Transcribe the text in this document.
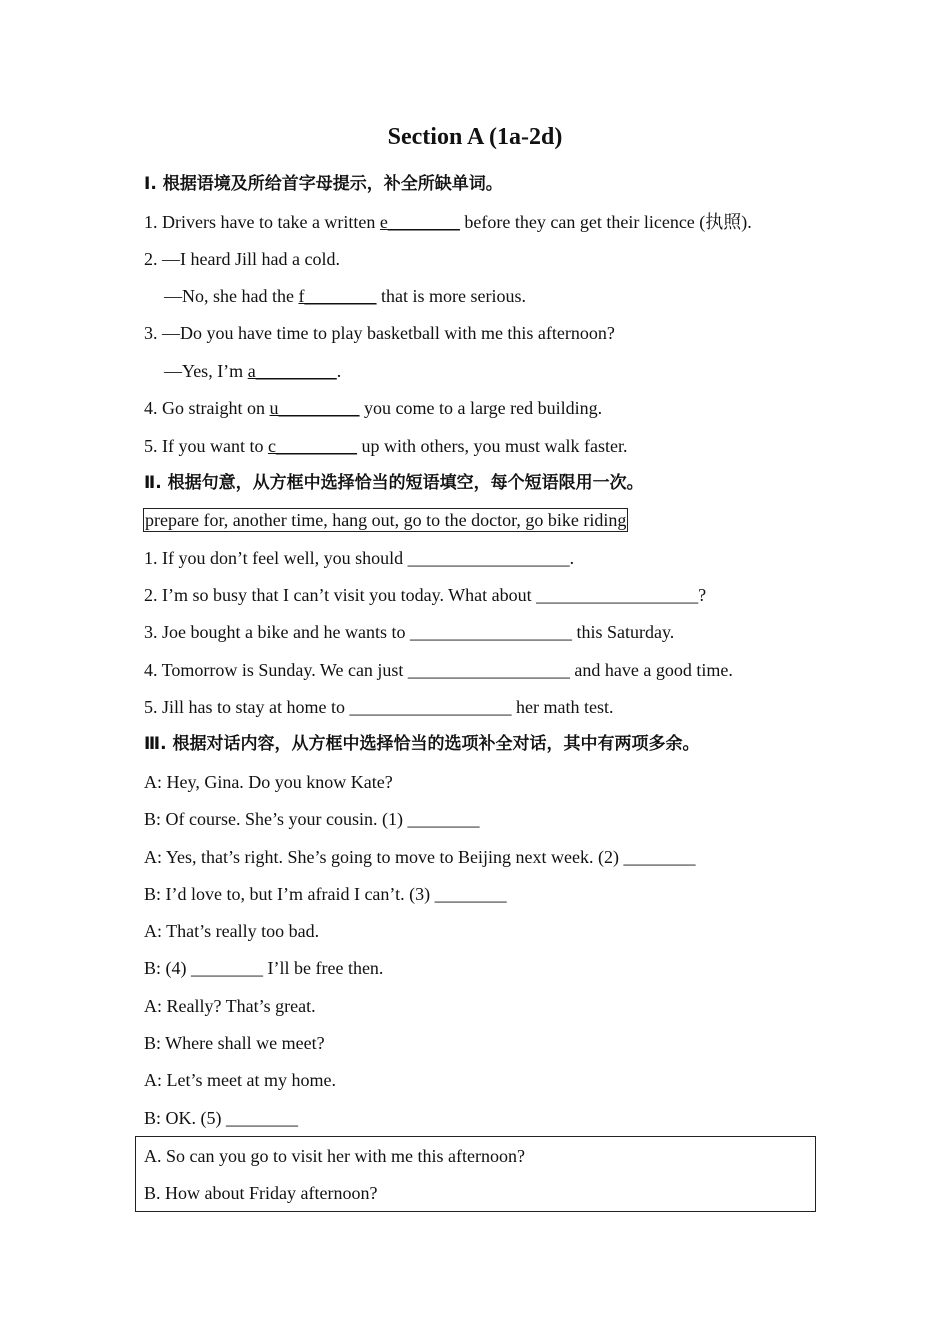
Section A (1a-2d)
Ⅰ. 根据语境及所给首字母提示，补全所缺单词。
1. Drivers have to take a written e________ before they can get their licence (执照).
2. —I heard Jill had a cold.
—No, she had the f________ that is more serious.
3. —Do you have time to play basketball with me this afternoon?
—Yes, I’m a_________.
4. Go straight on u_________ you come to a large red building.
5. If you want to c_________ up with others, you must walk faster.
Ⅱ. 根据句意，从方框中选择恰当的短语填空，每个短语限用一次。
prepare for, another time, hang out, go to the doctor, go bike riding
1. If you don’t feel well, you should __________________.
2. I’m so busy that I can’t visit you today. What about __________________?
3. Joe bought a bike and he wants to __________________ this Saturday.
4. Tomorrow is Sunday. We can just __________________ and have a good time.
5. Jill has to stay at home to __________________ her math test.
Ⅲ. 根据对话内容，从方框中选择恰当的选项补全对话，其中有两项多余。
A: Hey, Gina. Do you know Kate?
B: Of course. She’s your cousin. (1) ________
A: Yes, that’s right. She’s going to move to Beijing next week. (2) ________
B: I’d love to, but I’m afraid I can’t. (3) ________
A: That’s really too bad.
B: (4) ________ I’ll be free then.
A: Really? That’s great.
B: Where shall we meet?
A: Let’s meet at my home.
B: OK. (5) ________
A. So can you go to visit her with me this afternoon?
B. How about Friday afternoon?
